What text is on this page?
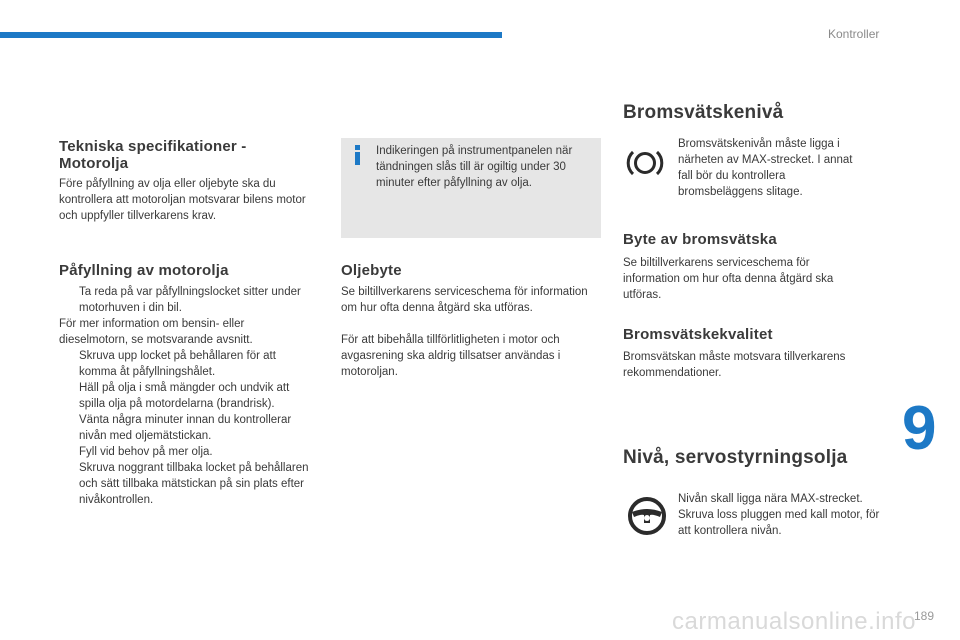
Kontroller
Tekniska specifikationer - Motorolja
Före påfyllning av olja eller oljebyte ska du kontrollera att motoroljan motsvarar bilens motor och uppfyller tillverkarens krav.
Påfyllning av motorolja
Ta reda på var påfyllningslocket sitter under motorhuven i din bil.
För mer information om bensin- eller dieselmotorn, se motsvarande avsnitt.
Skruva upp locket på behållaren för att komma åt påfyllningshålet.
Häll på olja i små mängder och undvik att spilla olja på motordelarna (brandrisk).
Vänta några minuter innan du kontrollerar nivån med oljemätstickan.
Fyll vid behov på mer olja.
Skruva noggrant tillbaka locket på behållaren och sätt tillbaka mätstickan på sin plats efter nivåkontrollen.
Indikeringen på instrumentpanelen när tändningen slås till är ogiltig under 30 minuter efter påfyllning av olja.
Oljebyte
Se biltillverkarens serviceschema för information om hur ofta denna åtgärd ska utföras.
För att bibehålla tillförlitligheten i motor och avgasrening ska aldrig tillsatser användas i motoroljan.
Bromsvätskenivå
Bromsvätskenivån måste ligga i närheten av MAX-strecket. I annat fall bör du kontrollera bromsbeläggens slitage.
Byte av bromsvätska
Se biltillverkarens serviceschema för information om hur ofta denna åtgärd ska utföras.
Bromsvätskekvalitet
Bromsvätskan måste motsvara tillverkarens rekommendationer.
Nivå, servostyrningsolja
Nivån skall ligga nära MAX-strecket. Skruva loss pluggen med kall motor, för att kontrollera nivån.
9
carmanualsonline.info
189
